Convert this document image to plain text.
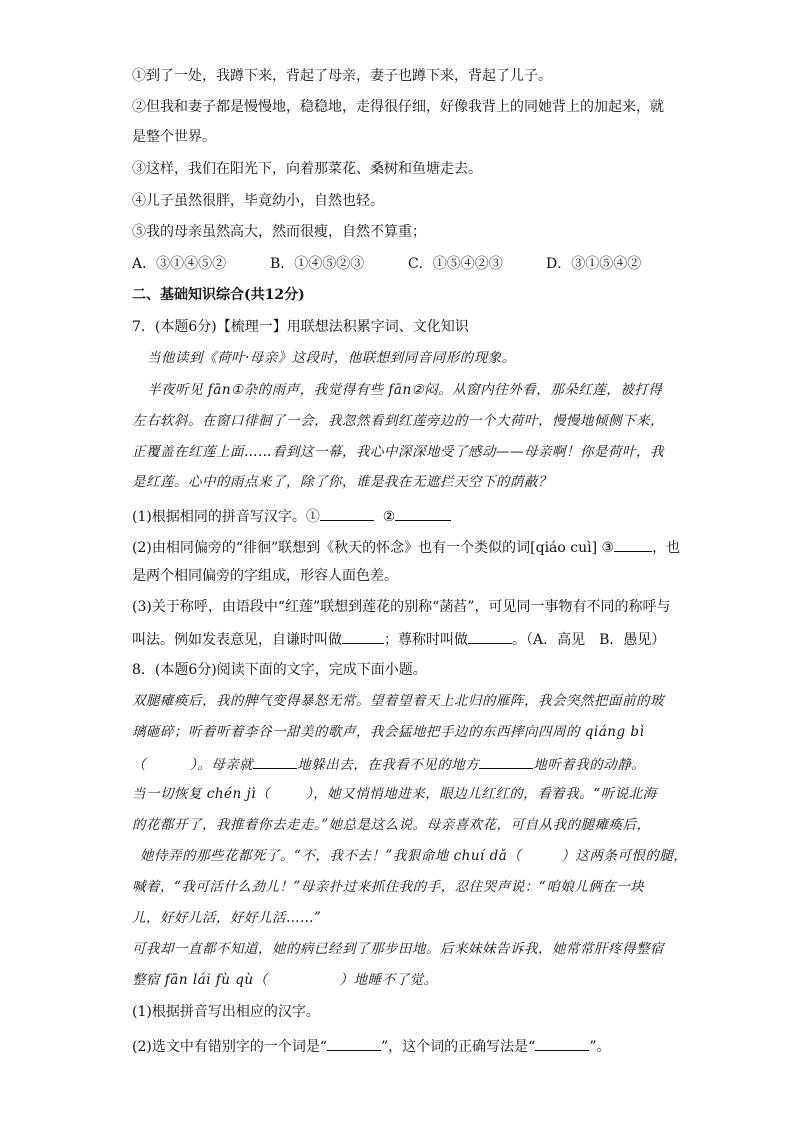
①到了一处，我蹲下来，背起了母亲，妻子也蹲下来，背起了儿子。
②但我和妻子都是慢慢地，稳稳地，走得很仔细，好像我背上的同她背上的加起来，就
是整个世界。
③这样，我们在阳光下，向着那菜花、桑树和鱼塘走去。
④儿子虽然很胖，毕竟幼小，自然也轻。
⑤我的母亲虽然高大，然而很瘦，自然不算重；
A．③①④⑤②	B．①④⑤②③	C．①⑤④②③	D．③①⑤④②
二、基础知识综合(共12分)
7．(本题6分)【梳理一】用联想法积累字词、文化知识
当他读到《荷叶·母亲》这段时，他联想到同音同形的现象。
半夜听见 fān①杂的雨声，我觉得有些 fān②闷。从窗内往外看，那朵红莲，被打得
左右软斜。在窗口徘徊了一会，我忽然看到红莲旁边的一个大荷叶，慢慢地倾侧下来，
正覆盖在红莲上面……看到这一幕，我心中深深地受了感动——母亲啊！你是荷叶，我
是红莲。心中的雨点来了，除了你，谁是我在无遮拦天空下的荫蔽？
(1)根据相同的拼音写汉字。①	②
(2)由相同偏旁的“徘徊”联想到《秋天的怀念》也有一个类似的词[qiáo cuì] ③	，也
是两个相同偏旁的字组成，形容人面色差。
(3)关于称呼，由语段中“红莲”联想到莲花的别称“菡萏”，可见同一事物有不同的称呼与
叫法。例如发表意见，自谦时叫做	；尊称时叫做	。（A．高见　B．愚见）
8．(本题6分)阅读下面的文字，完成下面小题。
双腿瘫痪后，我的脾气变得暴怒无常。望着望着天上北归的雁阵，我会突然把面前的玻
璃砸碎；听着听着李谷一甜美的歌声，我会猛地把手边的东西摔向四周的 qiáng bì
（	）。母亲就	地躲出去，在我看不见的地方	地听着我的动静。
当一切恢复 chén jì（	），她又悄悄地进来，眼边儿红红的，看着我。“听说北海
的花都开了，我推着你去走走。”她总是这么说。母亲喜欢花，可自从我的腿瘫痪后，
她侍弄的那些花都死了。“不，我不去！”我狠命地 chuí dǎ（	）这两条可恨的腿，
喊着，“我可活什么劲儿！”母亲扑过来抓住我的手，忍住哭声说：“咱娘儿俩在一块
儿，好好儿活，好好儿活……”
可我却一直都不知道，她的病已经到了那步田地。后来妹妹告诉我，她常常肝疼得整宿
整宿 fān lái fù qù（	）地睡不了觉。
(1)根据拼音写出相应的汉字。
(2)选文中有错别字的一个词是“	”，这个词的正确写法是“	”。
